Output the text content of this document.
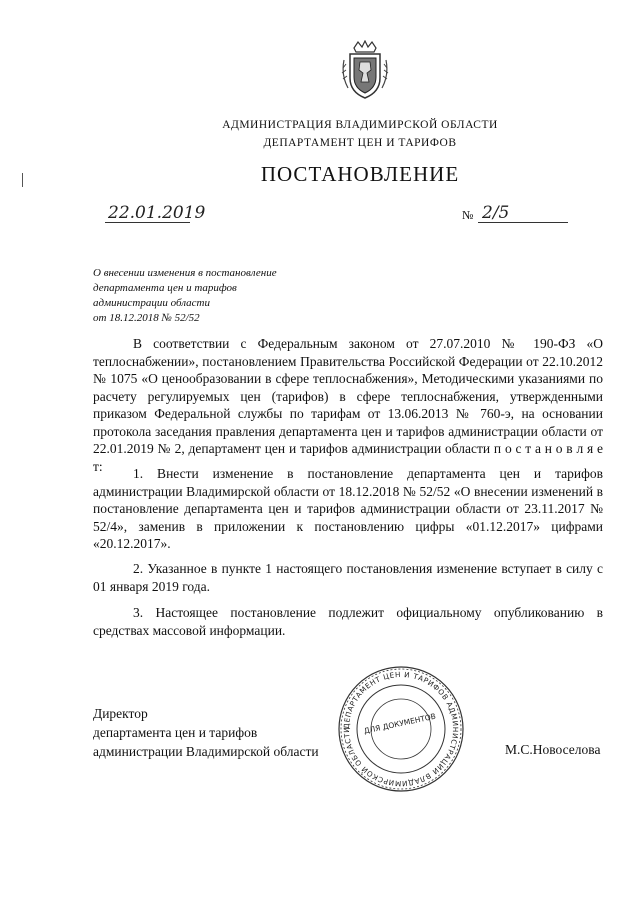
АДМИНИСТРАЦИЯ ВЛАДИМИРСКОЙ ОБЛАСТИ
ДЕПАРТАМЕНТ ЦЕН И ТАРИФОВ
ПОСТАНОВЛЕНИЕ
22.01.2019	№ 2/5
О внесении изменения в постановление
департамента цен и тарифов
администрации области
от 18.12.2018 № 52/52
В соответствии с Федеральным законом от 27.07.2010 № 190-ФЗ «О теплоснабжении», постановлением Правительства Российской Федерации от 22.10.2012 № 1075 «О ценообразовании в сфере теплоснабжения», Методическими указаниями по расчету регулируемых цен (тарифов) в сфере теплоснабжения, утвержденными приказом Федеральной службы по тарифам от 13.06.2013 № 760-э, на основании протокола заседания правления департамента цен и тарифов администрации области от 22.01.2019 № 2, департамент цен и тарифов администрации области п о с т а н о в л я е т:	1. Внести изменение в постановление департамента цен и тарифов администрации Владимирской области от 18.12.2018 № 52/52 «О внесении изменений в постановление департамента цен и тарифов администрации области от 23.11.2017 № 52/4», заменив в приложении к постановлению цифры «01.12.2017» цифрами «20.12.2017».
2. Указанное в пункте 1 настоящего постановления изменение вступает в силу с 01 января 2019 года.
3. Настоящее постановление подлежит официальному опубликованию в средствах массовой информации.
Директор
департамента цен и тарифов
администрации Владимирской области	М.С.Новоселова
ДЕПАРТАМЕНТ ЦЕН И ТАРИФОВ АДМИНИСТРАЦИИ ВЛАДИМИРСКОЙ ОБЛАСТИ	ДЛЯ ДОКУМЕНТОВ
